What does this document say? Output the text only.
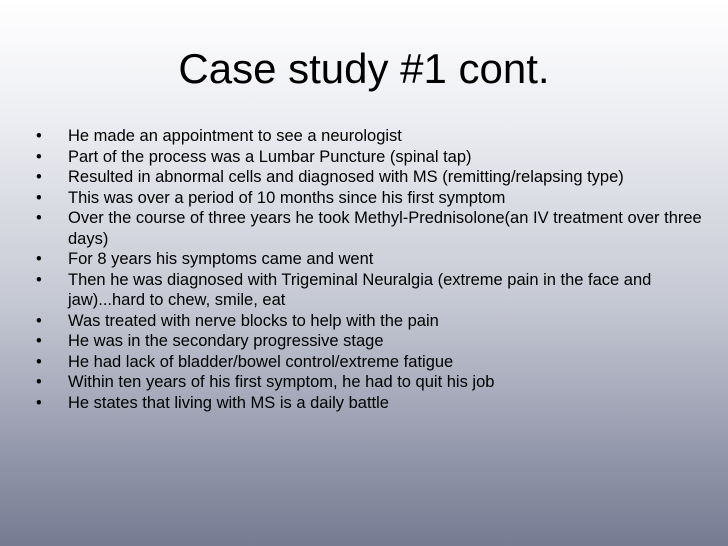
Case study #1 cont.
•	He made an appointment to see a neurologist
•	Part of the process was a Lumbar Puncture (spinal tap)
•	Resulted in abnormal cells and diagnosed with MS (remitting/relapsing type)
•	This was over a period of 10 months since his first symptom
•	Over the course of three years he took Methyl-Prednisolone(an IV treatment over three days)
•	For 8 years his symptoms came and went
•	Then he was diagnosed with Trigeminal Neuralgia (extreme pain in the face and jaw)...hard to chew, smile, eat
•	Was treated with nerve blocks to help with the pain
•	He was in the secondary progressive stage
•	He had lack of bladder/bowel control/extreme fatigue
•	Within ten years of his first symptom, he had to quit his job
•	He states that living with MS is a daily battle
